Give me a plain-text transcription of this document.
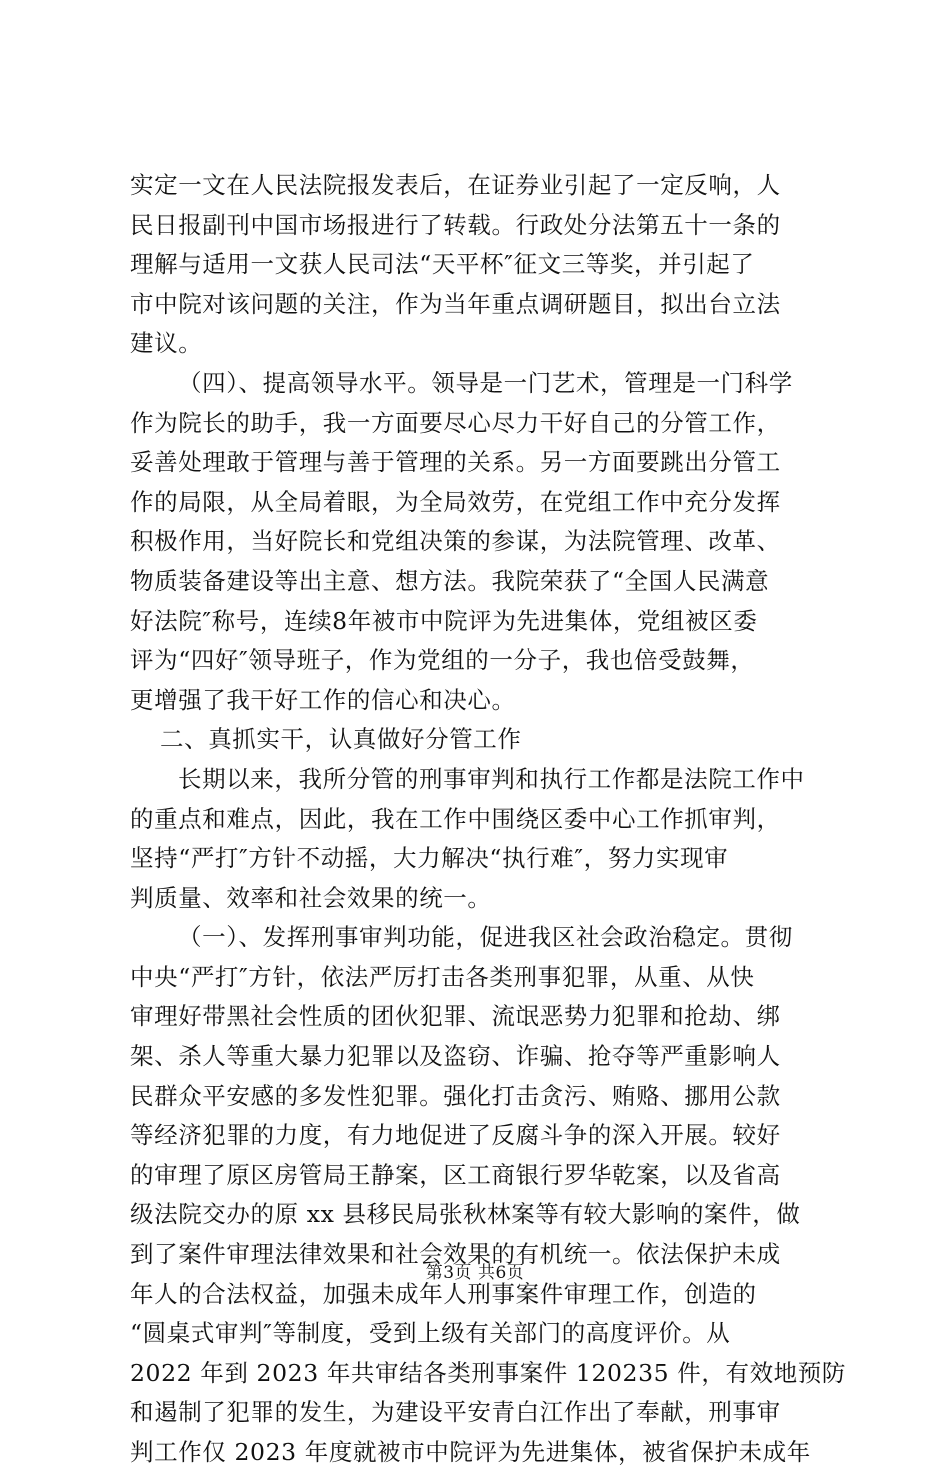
实定一文在人民法院报发表后，在证券业引起了一定反响，人
民日报副刊中国市场报进行了转载。行政处分法第五十一条的
理解与适用一文获人民司法“天平杯″征文三等奖，并引起了
市中院对该问题的关注，作为当年重点调研题目，拟出台立法
建议。
（四）、提高领导水平。领导是一门艺术，管理是一门科学
作为院长的助手，我一方面要尽心尽力干好自己的分管工作，
妥善处理敢于管理与善于管理的关系。另一方面要跳出分管工
作的局限，从全局着眼，为全局效劳，在党组工作中充分发挥
积极作用，当好院长和党组决策的参谋，为法院管理、改革、
物质装备建设等出主意、想方法。我院荣获了“全国人民满意
好法院″称号，连续8年被市中院评为先进集体，党组被区委
评为“四好″领导班子，作为党组的一分子，我也倍受鼓舞，
更增强了我干好工作的信心和决心。
二、真抓实干，认真做好分管工作
长期以来，我所分管的刑事审判和执行工作都是法院工作中
的重点和难点，因此，我在工作中围绕区委中心工作抓审判，
坚持“严打″方针不动摇，大力解决“执行难″，努力实现审
判质量、效率和社会效果的统一。
（一）、发挥刑事审判功能，促进我区社会政治稳定。贯彻
中央“严打″方针，依法严厉打击各类刑事犯罪，从重、从快
审理好带黑社会性质的团伙犯罪、流氓恶势力犯罪和抢劫、绑
架、杀人等重大暴力犯罪以及盗窃、诈骗、抢夺等严重影响人
民群众平安感的多发性犯罪。强化打击贪污、贿赂、挪用公款
等经济犯罪的力度，有力地促进了反腐斗争的深入开展。较好
的审理了原区房管局王静案，区工商银行罗华乾案，以及省高
级法院交办的原 xx 县移民局张秋林案等有较大影响的案件，做
到了案件审理法律效果和社会效果的有机统一。依法保护未成
年人的合法权益，加强未成年人刑事案件审理工作，创造的
“圆桌式审判″等制度，受到上级有关部门的高度评价。从
2022 年到 2023 年共审结各类刑事案件 120235 件，有效地预防
和遏制了犯罪的发生，为建设平安青白江作出了奉献，刑事审
判工作仅 2023 年度就被市中院评为先进集体，被省保护未成年
第3页 共6页
